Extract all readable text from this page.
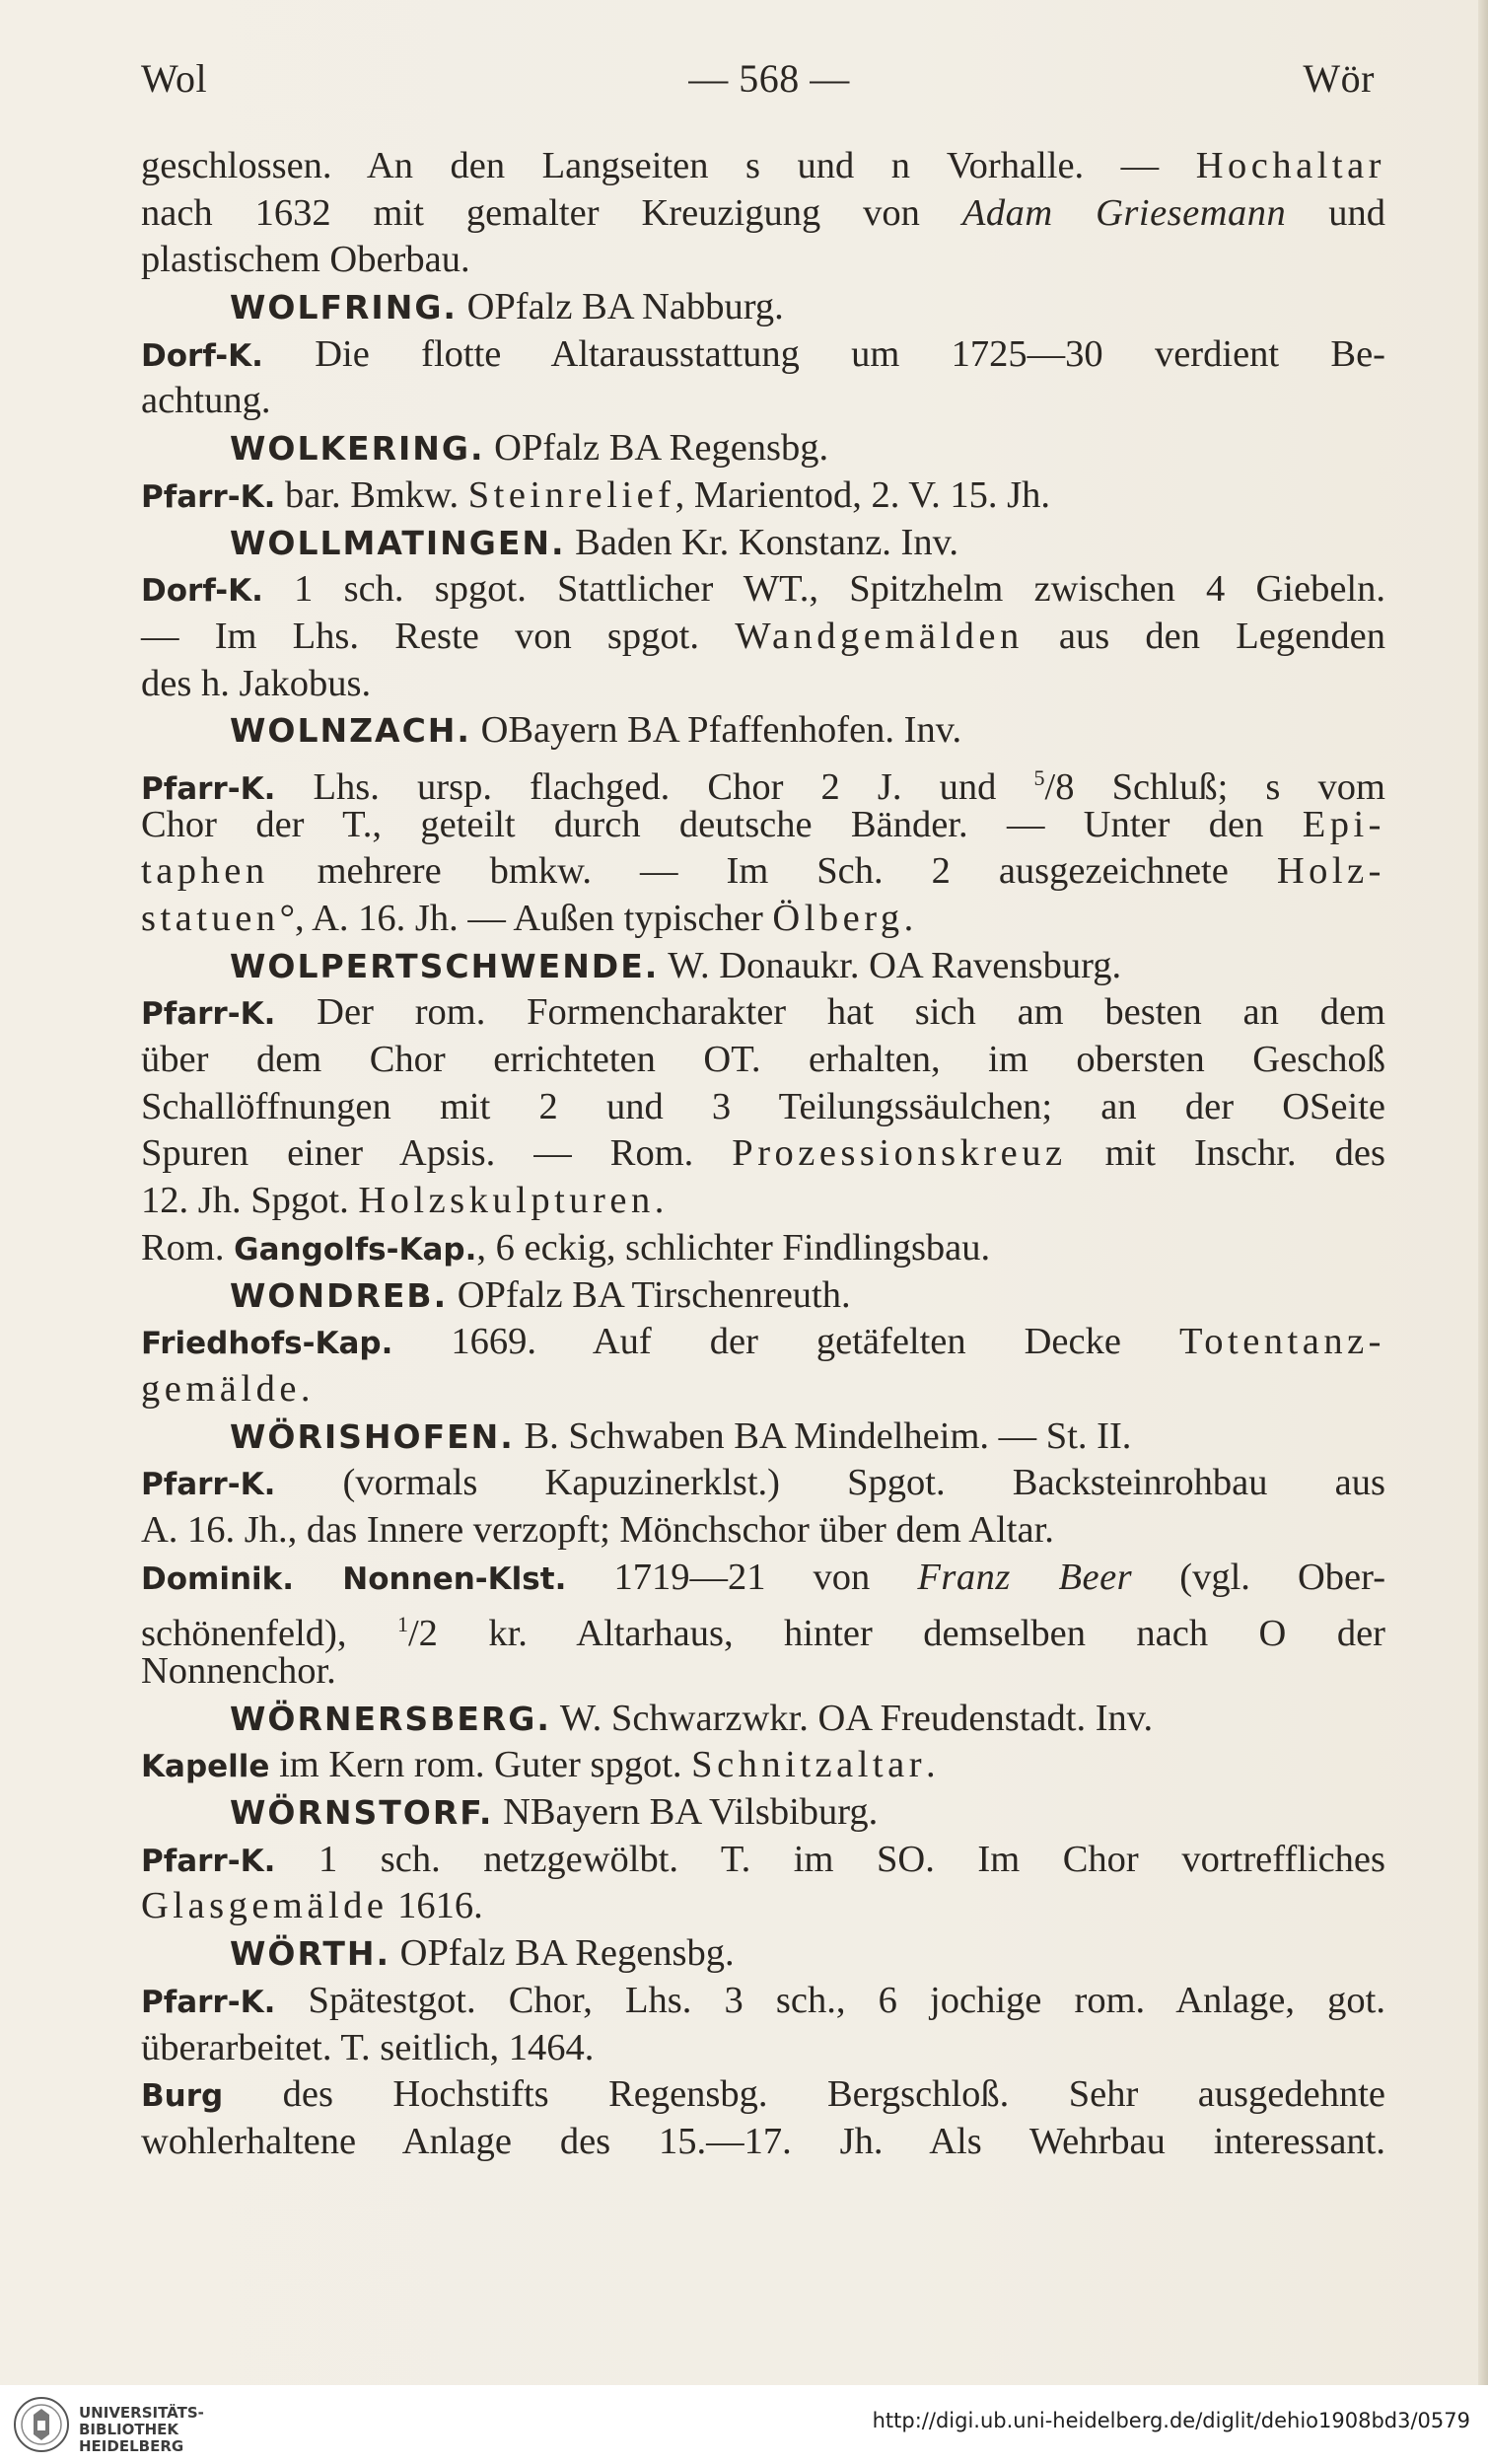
Wol	— 568 —	Wör
geschlossen. An den Langseiten s und n Vorhalle. — Hochaltar
nach 1632 mit gemalter Kreuzigung von Adam Griesemann und
plastischem Oberbau.
WOLFRING. OPfalz BA Nabburg.
Dorf-K. Die flotte Altarausstattung um 1725—30 verdient Be-
achtung.
WOLKERING. OPfalz BA Regensbg.
Pfarr-K. bar. Bmkw. Steinrelief, Marientod, 2. V. 15. Jh.
WOLLMATINGEN. Baden Kr. Konstanz. Inv.
Dorf-K. 1 sch. spgot. Stattlicher WT., Spitzhelm zwischen 4 Giebeln.
— Im Lhs. Reste von spgot. Wandgemälden aus den Legenden
des h. Jakobus.
WOLNZACH. OBayern BA Pfaffenhofen. Inv.
Pfarr-K. Lhs. ursp. flachged. Chor 2 J. und $^5$/8 Schluß; s vom
Chor der T., geteilt durch deutsche Bänder. — Unter den Epi-
taphen mehrere bmkw. — Im Sch. 2 ausgezeichnete Holz-
statuen°, A. 16. Jh. — Außen typischer Ölberg.
WOLPERTSCHWENDE. W. Donaukr. OA Ravensburg.
Pfarr-K. Der rom. Formencharakter hat sich am besten an dem
über dem Chor errichteten OT. erhalten, im obersten Geschoß
Schallöffnungen mit 2 und 3 Teilungssäulchen; an der OSeite
Spuren einer Apsis. — Rom. Prozessionskreuz mit Inschr. des
12. Jh. Spgot. Holzskulpturen.
Rom. Gangolfs-Kap., 6 eckig, schlichter Findlingsbau.
WONDREB. OPfalz BA Tirschenreuth.
Friedhofs-Kap. 1669. Auf der getäfelten Decke Totentanz-
gemälde.
WÖRISHOFEN. B. Schwaben BA Mindelheim. — St. II.
Pfarr-K. (vormals Kapuzinerklst.) Spgot. Backsteinrohbau aus
A. 16. Jh., das Innere verzopft; Mönchschor über dem Altar.
Dominik. Nonnen-Klst. 1719—21 von Franz Beer (vgl. Ober-
schönenfeld), $^1$/2 kr. Altarhaus, hinter demselben nach O der
Nonnenchor.
WÖRNERSBERG. W. Schwarzwkr. OA Freudenstadt. Inv.
Kapelle im Kern rom. Guter spgot. Schnitzaltar.
WÖRNSTORF. NBayern BA Vilsbiburg.
Pfarr-K. 1 sch. netzgewölbt. T. im SO. Im Chor vortreffliches
Glasgemälde 1616.
WÖRTH. OPfalz BA Regensbg.
Pfarr-K. Spätestgot. Chor, Lhs. 3 sch., 6 jochige rom. Anlage, got.
überarbeitet. T. seitlich, 1464.
Burg des Hochstifts Regensbg. Bergschloß. Sehr ausgedehnte
wohlerhaltene Anlage des 15.—17. Jh. Als Wehrbau interessant.
UNIVERSITÄTS-
BIBLIOTHEK
HEIDELBERG
http://digi.ub.uni-heidelberg.de/diglit/dehio1908bd3/0579
